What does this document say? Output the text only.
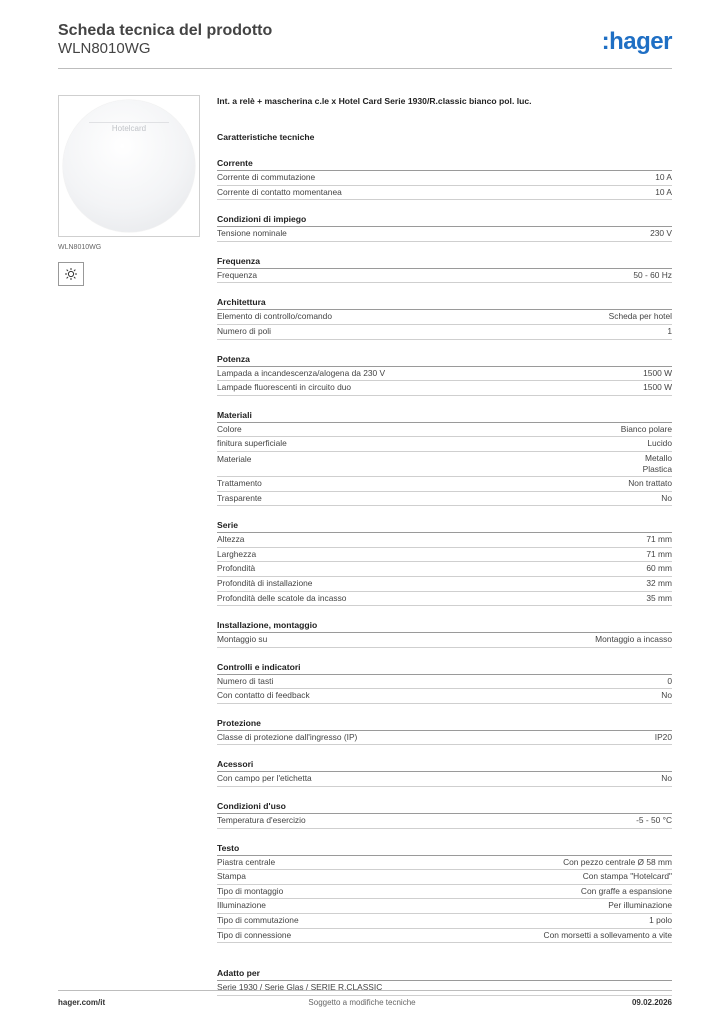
Scheda tecnica del prodotto
WLN8010WG	:hager
Hotelcard
WLN8010WG
Int. a relè + mascherina c.le x Hotel Card Serie 1930/R.classic bianco pol. luc.
Caratteristiche tecniche
Corrente
Corrente di commutazione	10 A
Corrente di contatto momentanea	10 A
Condizioni di impiego
Tensione nominale	230 V
Frequenza
Frequenza	50 - 60 Hz
Architettura
Elemento di controllo/comando	Scheda per hotel
Numero di poli	1
Potenza
Lampada a incandescenza/alogena da 230 V	1500 W
Lampade fluorescenti in circuito duo	1500 W
Materiali
Colore	Bianco polare
finitura superficiale	Lucido
Materiale	Metallo
Plastica
Trattamento	Non trattato
Trasparente	No
Serie
Altezza	71 mm
Larghezza	71 mm
Profondità	60 mm
Profondità di installazione	32 mm
Profondità delle scatole da incasso	35 mm
Installazione, montaggio
Montaggio su	Montaggio a incasso
Controlli e indicatori
Numero di tasti	0
Con contatto di feedback	No
Protezione
Classe di protezione dall'ingresso (IP)	IP20
Acessori
Con campo per l'etichetta	No
Condizioni d'uso
Temperatura d'esercizio	-5 - 50 °C
Testo
Piastra centrale	Con pezzo centrale Ø 58 mm
Stampa	Con stampa "Hotelcard"
Tipo di montaggio	Con graffe a espansione
Illuminazione	Per illuminazione
Tipo di commutazione	1 polo
Tipo di connessione	Con morsetti a sollevamento a vite
Adatto per
Serie 1930 / Serie Glas / SERIE R.CLASSIC
hager.com/it	Soggetto a modifiche tecniche	09.02.2026
